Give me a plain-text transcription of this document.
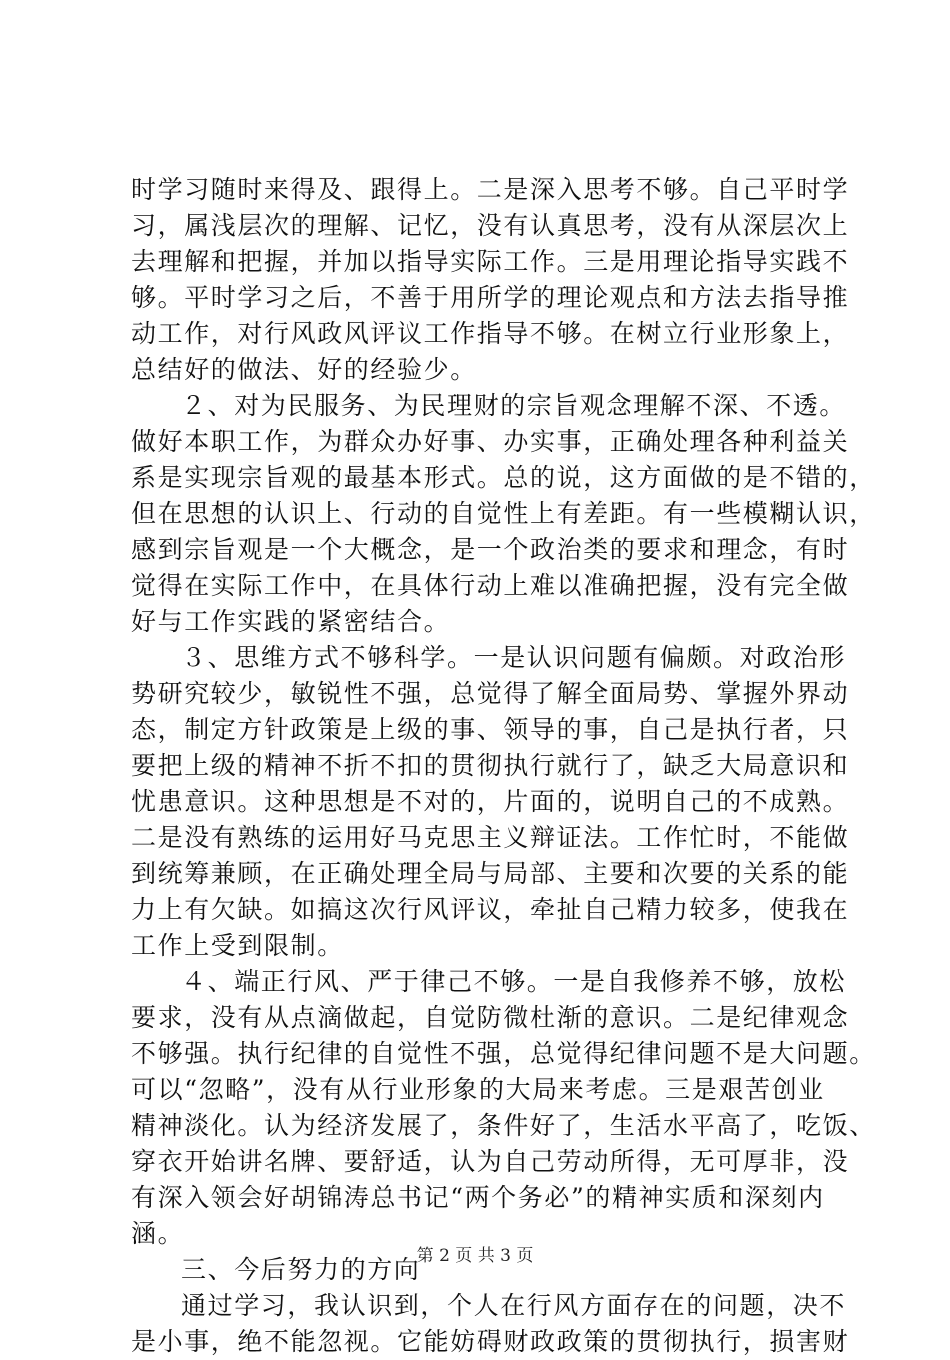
时学习随时来得及、跟得上。二是深入思考不够。自己平时学
习，属浅层次的理解、记忆，没有认真思考，没有从深层次上
去理解和把握，并加以指导实际工作。三是用理论指导实践不
够。平时学习之后，不善于用所学的理论观点和方法去指导推
动工作，对行风政风评议工作指导不够。在树立行业形象上，
总结好的做法、好的经验少。
２、对为民服务、为民理财的宗旨观念理解不深、不透。
做好本职工作，为群众办好事、办实事，正确处理各种利益关
系是实现宗旨观的最基本形式。总的说，这方面做的是不错的，
但在思想的认识上、行动的自觉性上有差距。有一些模糊认识，
感到宗旨观是一个大概念，是一个政治类的要求和理念，有时
觉得在实际工作中，在具体行动上难以准确把握，没有完全做
好与工作实践的紧密结合。
３、思维方式不够科学。一是认识问题有偏颇。对政治形
势研究较少，敏锐性不强，总觉得了解全面局势、掌握外界动
态，制定方针政策是上级的事、领导的事，自己是执行者，只
要把上级的精神不折不扣的贯彻执行就行了，缺乏大局意识和
忧患意识。这种思想是不对的，片面的，说明自己的不成熟。
二是没有熟练的运用好马克思主义辩证法。工作忙时，不能做
到统筹兼顾，在正确处理全局与局部、主要和次要的关系的能
力上有欠缺。如搞这次行风评议，牵扯自己精力较多，使我在
工作上受到限制。
４、端正行风、严于律己不够。一是自我修养不够，放松
要求，没有从点滴做起，自觉防微杜渐的意识。二是纪律观念
不够强。执行纪律的自觉性不强，总觉得纪律问题不是大问题。
可以“忽略”，没有从行业形象的大局来考虑。三是艰苦创业
精神淡化。认为经济发展了，条件好了，生活水平高了，吃饭、
穿衣开始讲名牌、要舒适，认为自己劳动所得，无可厚非，没
有深入领会好胡锦涛总书记“两个务必”的精神实质和深刻内
涵。
三、今后努力的方向
通过学习，我认识到，个人在行风方面存在的问题，决不
是小事，绝不能忽视。它能妨碍财政政策的贯彻执行，损害财
第 2 页 共 3 页
